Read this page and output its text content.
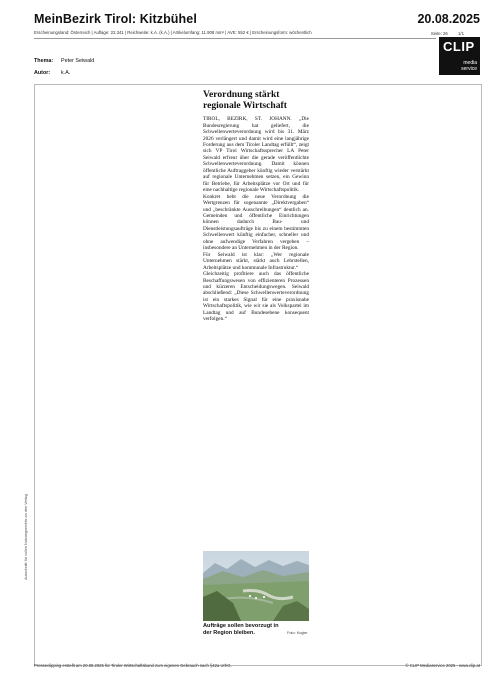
MeinBezirk Tirol: Kitzbühel	20.08.2025
Erscheinungsland: Österreich | Auflage: 22.341 | Reichweite: k.A. (k.A.) | Artikelumfang: 11.908 mm² | AVE: 552 € | Erscheinungsform: wöchentlich	Seite: 26 1/1
CLIP
media
service
Thema: Peter Seiwald
Autor: k.A.
Ausschnitt für vollen Nutzungsrechts an den Verlag
Verordnung stärkt regionale Wirtschaft

TIROL, BEZIRK, ST. JOHANN. „Die Bundesregierung hat geliefert, die Schwellenwerteverordnung wird bis 31. März 2026 verlängert und damit wird eine langjährige Forderung aus dem Tiroler Landtag erfüllt“, zeigt sich VP Tirol Wirtschaftssprecher LA Peter Seiwald erfreut über die gerade veröffentlichte Schwellenwerteverordnung. Damit können öffentliche Auftraggeber künftig wieder verstärkt auf regionale Unternehmen setzen, ein Gewinn für Betriebe, für Arbeitsplätze vor Ort und für eine nachhaltige regionale Wirtschaftspolitik.

Konkret hebt die neue Verordnung die Wertgrenzen für sogenannte „Direktvergaben“ und „beschränkte Ausschreibungen“ deutlich an. Gemeinden und öffentliche Einrichtungen können dadurch Bau- und Dienstleistungsaufträge bis zu einem bestimmten Schwellenwert künftig einfacher, schneller und ohne aufwendige Verfahren vergeben – insbesondere an Unternehmen in der Region.

Für Seiwald ist klar: „Wer regionale Unternehmen stärkt, stärkt auch Lehrstellen, Arbeitsplätze und kommunale Infrastruktur.“

Gleichzeitig profitiere auch das öffentliche Beschaffungswesen von effizienteren Prozessen und kürzeren Entscheidungswegen. Seiwald abschließend: „Diese Schwellenwerteverordnung ist ein starkes Signal für eine praxisnahe Wirtschaftspolitik, wie wir sie als Volkspartei im Landtag und auf Bundesebene konsequent verfolgen.“

Aufträge sollen bevorzugt in der Region bleiben.	Foto: Kogler
Presseclipping erstellt am 20.08.2025 für Tiroler Wirtschaftsbund zum eigenen Gebrauch nach §42a UrhG.	© CLIP Mediaservice 2025 - www.clip.at
